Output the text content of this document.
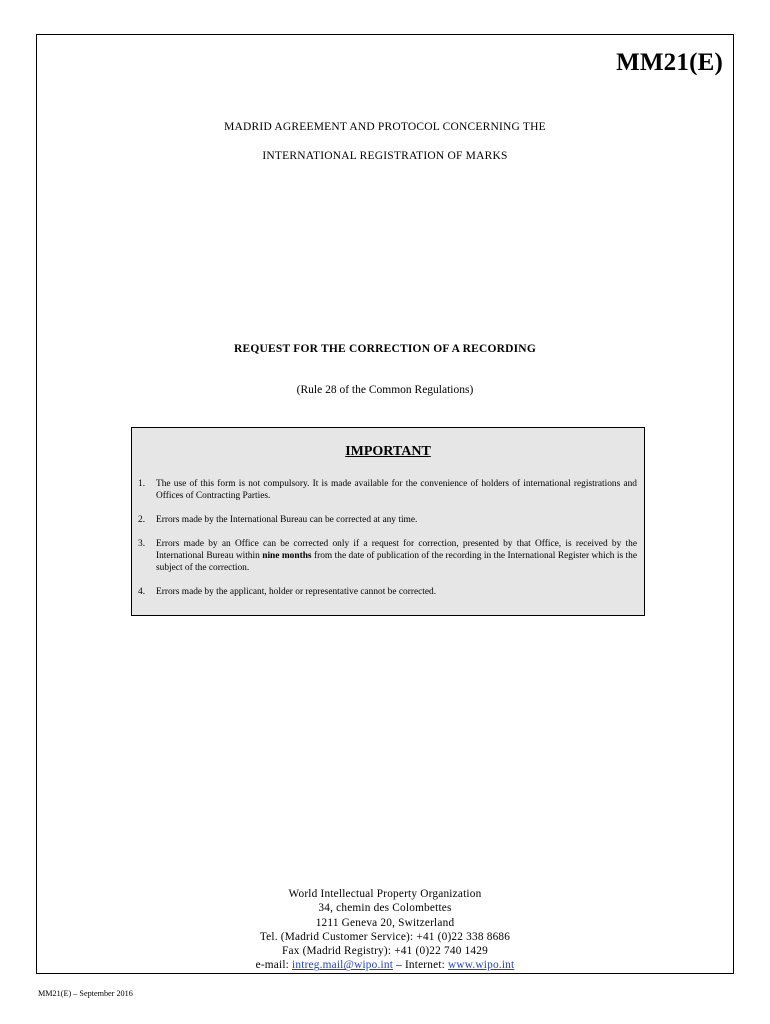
MM21(E)

MADRID AGREEMENT AND PROTOCOL CONCERNING THE

INTERNATIONAL REGISTRATION OF MARKS

REQUEST FOR THE CORRECTION OF A RECORDING

(Rule 28 of the Common Regulations)

IMPORTANT
1. The use of this form is not compulsory. It is made available for the convenience of holders of international registrations and Offices of Contracting Parties.
2. Errors made by the International Bureau can be corrected at any time.
3. Errors made by an Office can be corrected only if a request for correction, presented by that Office, is received by the International Bureau within nine months from the date of publication of the recording in the International Register which is the subject of the correction.
4. Errors made by the applicant, holder or representative cannot be corrected.
World Intellectual Property Organization
34, chemin des Colombettes
1211 Geneva 20, Switzerland
Tel. (Madrid Customer Service): +41 (0)22 338 8686
Fax (Madrid Registry): +41 (0)22 740 1429
e-mail: intreg.mail@wipo.int – Internet: www.wipo.int

MM21(E) – September 2016
